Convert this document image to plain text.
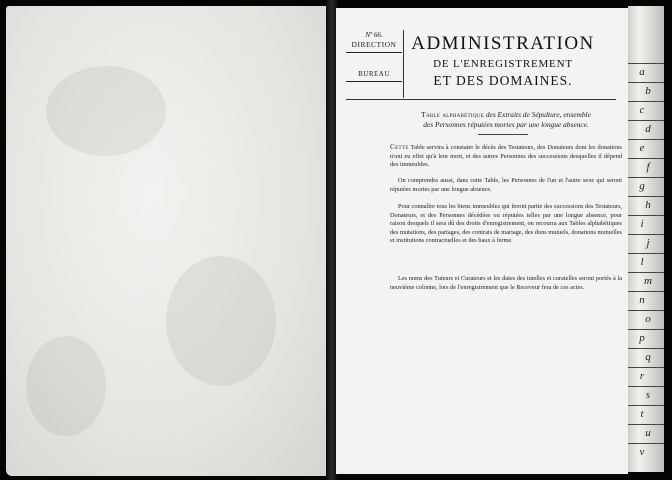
a
b
c
d
e
f
g
h
i
j
l
m
n
o
p
q
r
s
t
u
v
Nº 66.
DIRECTION
BUREAU
ADMINISTRATION
DE L'ENREGISTREMENT
ET DES DOMAINES.
Table alphabétique des Extraits de Sépulture, ensemble
des Personnes réputées mortes par une longue absence.

Cette Table servira à constater le décès des Testateurs, des Donateurs dont les donations n'ont eu effet qu'à leur mort, et des autres Personnes des successions desquelles il dépend des immeubles.

On comprendra aussi, dans cette Table, les Personnes de l'un et l'autre sexe qui seront réputées mortes par une longue absence.

Pour connaître tous les biens immeubles qui feront partie des successions des Testateurs, Donateurs, et des Personnes décédées ou réputées telles par une longue absence, pour raison desquels il sera dû des droits d'enregistrement, on recourra aux Tables alphabétiques des mutations, des partages, des contrats de mariage, des dons mutuels, donations mutuelles et institutions contractuelles et des baux à ferme.

Les noms des Tuteurs et Curateurs et les dates des tutelles et curatelles seront portés à la neuvième colonne, lors de l'enregistrement que le Receveur fera de ces actes.
